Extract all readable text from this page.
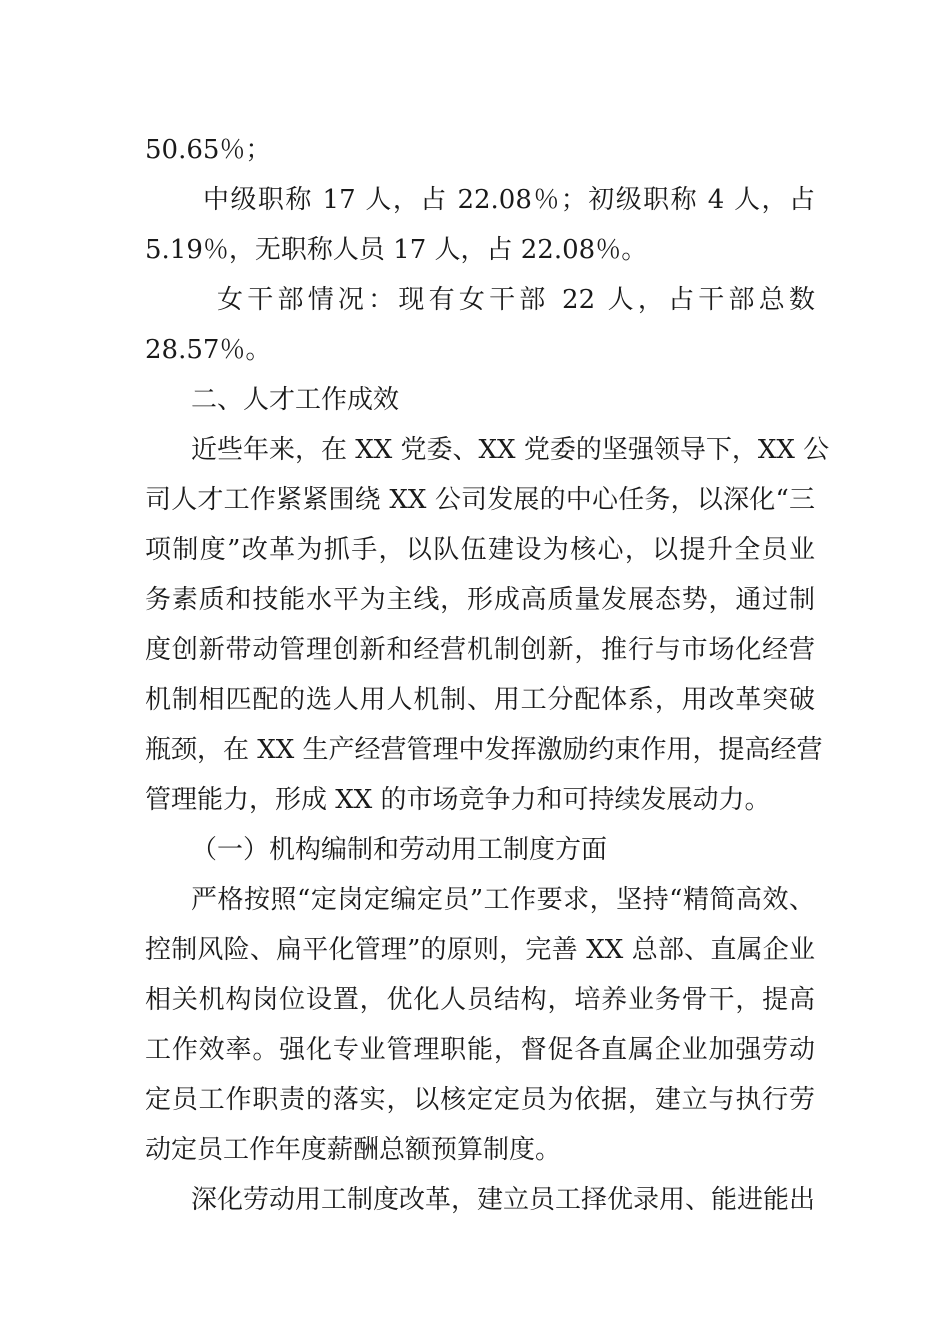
50.65％；
中级职称 17 人，占 22.08％；初级职称 4 人，占
5.19％，无职称人员 17 人，占 22.08％。
女干部情况：现有女干部 22 人，占干部总数
28.57％。
二、人才工作成效
近些年来，在 XX 党委、XX 党委的坚强领导下，XX 公
司人才工作紧紧围绕 XX 公司发展的中心任务，以深化“三
项制度”改革为抓手，以队伍建设为核心，以提升全员业
务素质和技能水平为主线，形成高质量发展态势，通过制
度创新带动管理创新和经营机制创新，推行与市场化经营
机制相匹配的选人用人机制、用工分配体系，用改革突破
瓶颈，在 XX 生产经营管理中发挥激励约束作用，提高经营
管理能力，形成 XX 的市场竞争力和可持续发展动力。
（一）机构编制和劳动用工制度方面
严格按照“定岗定编定员”工作要求，坚持“精简高效、
控制风险、扁平化管理”的原则，完善 XX 总部、直属企业
相关机构岗位设置，优化人员结构，培养业务骨干，提高
工作效率。强化专业管理职能，督促各直属企业加强劳动
定员工作职责的落实，以核定定员为依据，建立与执行劳
动定员工作年度薪酬总额预算制度。
深化劳动用工制度改革，建立员工择优录用、能进能出
